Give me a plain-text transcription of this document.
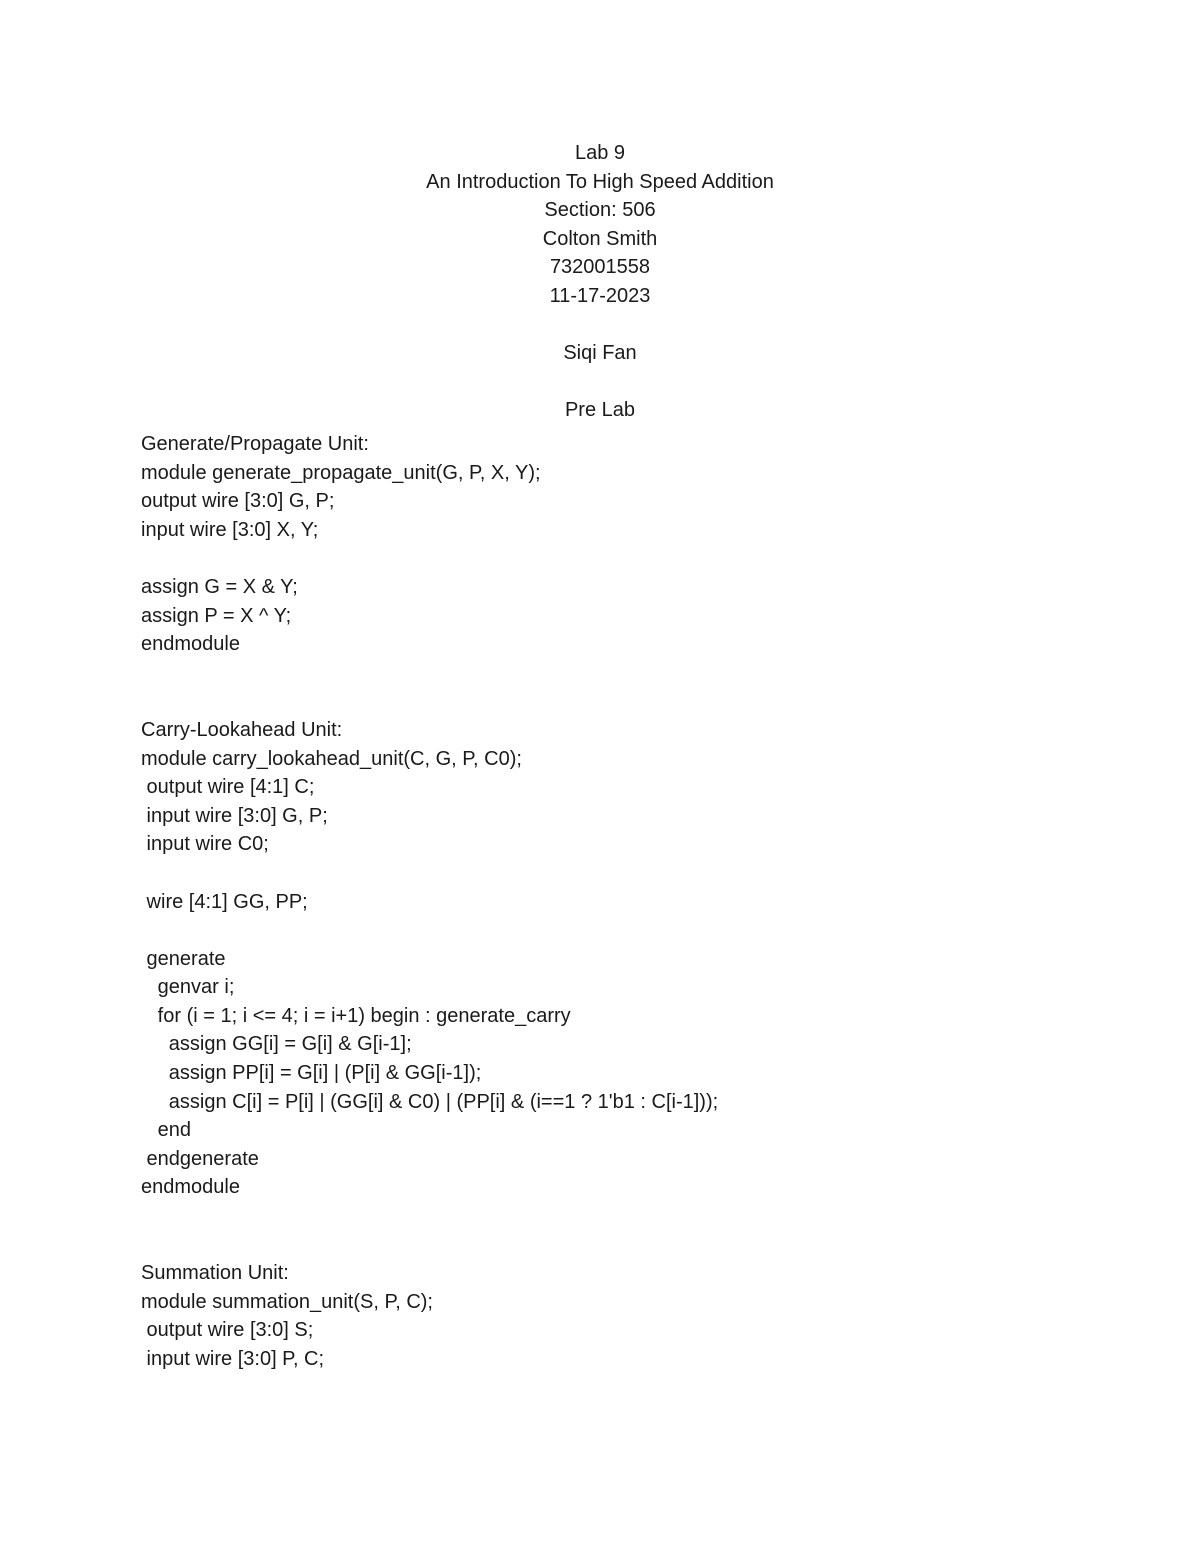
Lab 9
An Introduction To High Speed Addition
Section: 506
Colton Smith
732001558
11-17-2023
Siqi Fan
Pre Lab
Generate/Propagate Unit:
module generate_propagate_unit(G, P, X, Y);
output wire [3:0] G, P;
input wire [3:0] X, Y;
assign G = X & Y;
assign P = X ^ Y;
endmodule
Carry-Lookahead Unit:
module carry_lookahead_unit(C, G, P, C0);
output wire [4:1] C;
input wire [3:0] G, P;
input wire C0;
wire [4:1] GG, PP;
generate
genvar i;
for (i = 1; i <= 4; i = i+1) begin : generate_carry
assign GG[i] = G[i] & G[i-1];
assign PP[i] = G[i] | (P[i] & GG[i-1]);
assign C[i] = P[i] | (GG[i] & C0) | (PP[i] & (i==1 ? 1'b1 : C[i-1]));
end
endgenerate
endmodule
Summation Unit:
module summation_unit(S, P, C);
output wire [3:0] S;
input wire [3:0] P, C;
